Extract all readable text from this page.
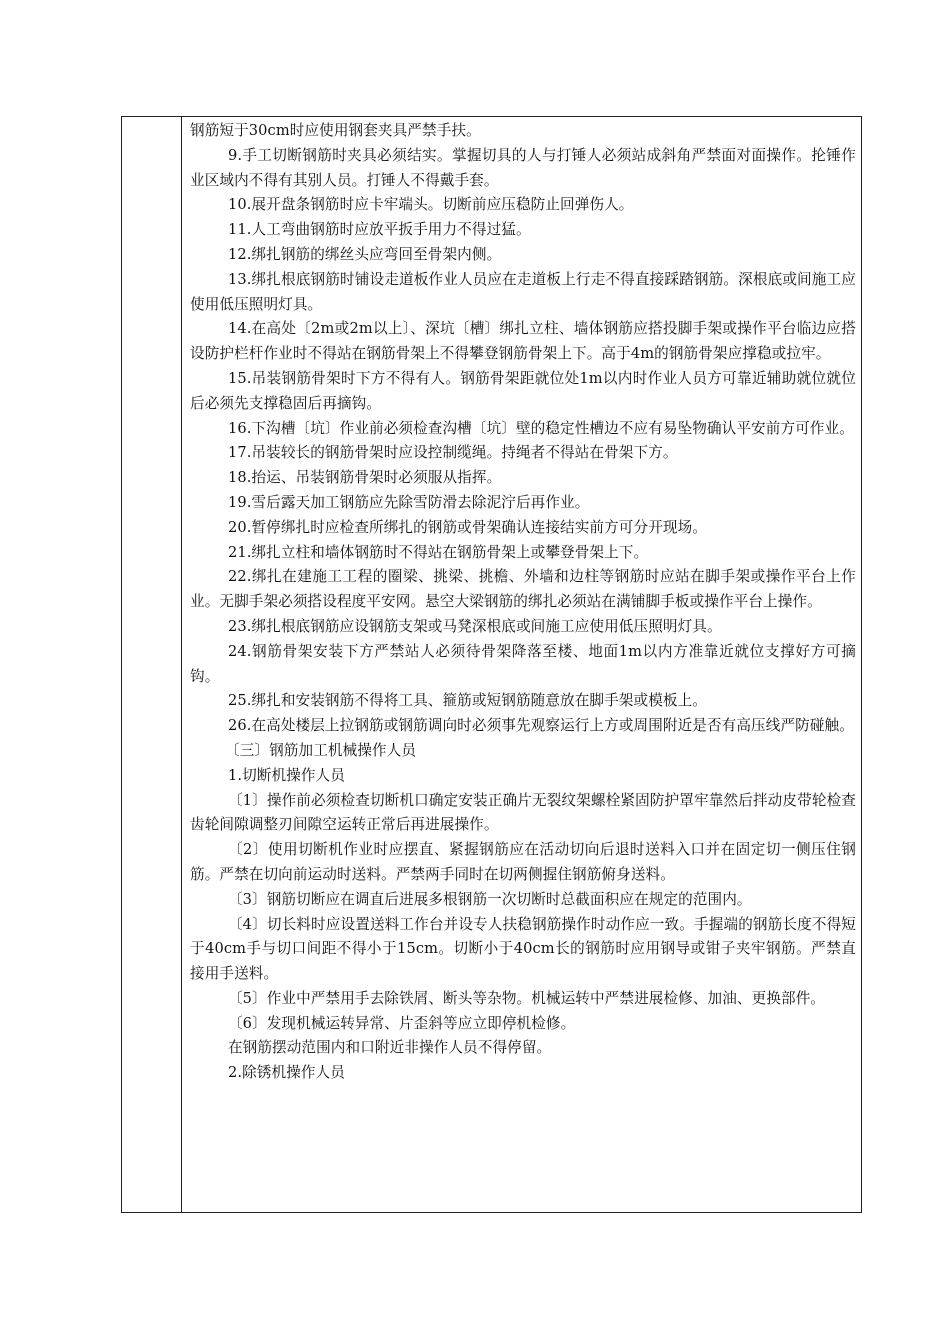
钢筋短于30cm时应使用钢套夹具严禁手扶。

9.手工切断钢筋时夹具必须结实。掌握切具的人与打锤人必须站成斜角严禁面对面操作。抡锤作业区域内不得有其别人员。打锤人不得戴手套。

10.展开盘条钢筋时应卡牢端头。切断前应压稳防止回弹伤人。

11.人工弯曲钢筋时应放平扳手用力不得过猛。

12.绑扎钢筋的绑丝头应弯回至骨架内侧。

13.绑扎根底钢筋时铺设走道板作业人员应在走道板上行走不得直接踩踏钢筋。深根底或间施工应使用低压照明灯具。

14.在高处〔2m或2m以上〕、深坑〔槽〕绑扎立柱、墙体钢筋应搭投脚手架或操作平台临边应搭设防护栏杆作业时不得站在钢筋骨架上不得攀登钢筋骨架上下。高于4m的钢筋骨架应撑稳或拉牢。

15.吊装钢筋骨架时下方不得有人。钢筋骨架距就位处1m以内时作业人员方可靠近辅助就位就位后必须先支撑稳固后再摘钩。

16.下沟槽〔坑〕作业前必须检查沟槽〔坑〕壁的稳定性槽边不应有易坠物确认平安前方可作业。

17.吊装较长的钢筋骨架时应设控制缆绳。持绳者不得站在骨架下方。

18.抬运、吊装钢筋骨架时必须服从指挥。

19.雪后露天加工钢筋应先除雪防滑去除泥泞后再作业。

20.暂停绑扎时应检查所绑扎的钢筋或骨架确认连接结实前方可分开现场。

21.绑扎立柱和墙体钢筋时不得站在钢筋骨架上或攀登骨架上下。

22.绑扎在建施工工程的圈梁、挑梁、挑檐、外墙和边柱等钢筋时应站在脚手架或操作平台上作业。无脚手架必须搭设程度平安网。悬空大梁钢筋的绑扎必须站在满铺脚手板或操作平台上操作。

23.绑扎根底钢筋应设钢筋支架或马凳深根底或间施工应使用低压照明灯具。

24.钢筋骨架安装下方严禁站人必须待骨架降落至楼、地面1m以内方准靠近就位支撑好方可摘钩。

25.绑扎和安装钢筋不得将工具、箍筋或短钢筋随意放在脚手架或模板上。

26.在高处楼层上拉钢筋或钢筋调向时必须事先观察运行上方或周围附近是否有高压线严防碰触。

〔三〕钢筋加工机械操作人员

1.切断机操作人员

〔1〕操作前必须检查切断机口确定安装正确片无裂纹架螺栓紧固防护罩牢靠然后拌动皮带轮检查齿轮间隙调整刃间隙空运转正常后再进展操作。

〔2〕使用切断机作业时应摆直、紧握钢筋应在活动切向后退时送料入口并在固定切一侧压住钢筋。严禁在切向前运动时送料。严禁两手同时在切两侧握住钢筋俯身送料。

〔3〕钢筋切断应在调直后进展多根钢筋一次切断时总截面积应在规定的范围内。

〔4〕切长料时应设置送料工作台并设专人扶稳钢筋操作时动作应一致。手握端的钢筋长度不得短于40cm手与切口间距不得小于15cm。切断小于40cm长的钢筋时应用钢导或钳子夹牢钢筋。严禁直接用手送料。

〔5〕作业中严禁用手去除铁屑、断头等杂物。机械运转中严禁进展检修、加油、更换部件。

〔6〕发现机械运转异常、片歪斜等应立即停机检修。

在钢筋摆动范围内和口附近非操作人员不得停留。

2.除锈机操作人员
